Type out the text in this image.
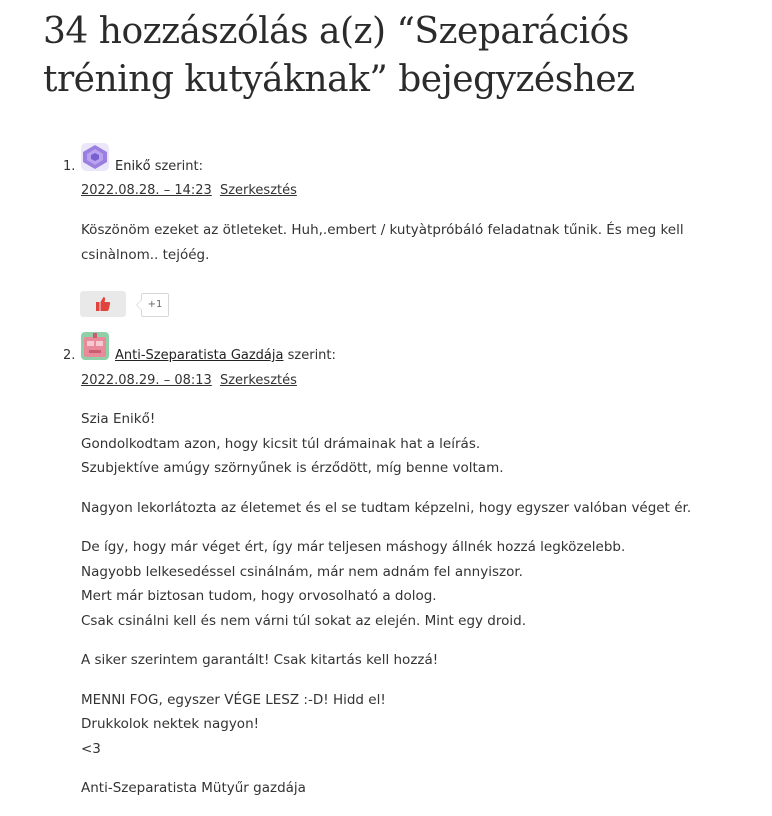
34 hozzászólás a(z) “Szeparációs tréning kutyáknak” bejegyzéshez
1.	Enikő szerint:
2022.08.28. – 14:23 Szerkesztés

Köszönöm ezeket az ötleteket. Huh,.embert / kutyàtpróbáló feladatnak tűnik. És meg kell csinàlnom.. tejóég.

+1
2.	Anti-Szeparatista Gazdája szerint:
2022.08.29. – 08:13 Szerkesztés

Szia Enikő!
Gondolkodtam azon, hogy kicsit túl drámainak hat a leírás.
Szubjektíve amúgy szörnyűnek is érződött, míg benne voltam.

Nagyon lekorlátozta az életemet és el se tudtam képzelni, hogy egyszer valóban véget ér.

De így, hogy már véget ért, így már teljesen máshogy állnék hozzá legközelebb.
Nagyobb lelkesedéssel csinálnám, már nem adnám fel annyiszor.
Mert már biztosan tudom, hogy orvosolható a dolog.
Csak csinálni kell és nem várni túl sokat az elején. Mint egy droid.

A siker szerintem garantált! Csak kitartás kell hozzá!

MENNI FOG, egyszer VÉGE LESZ :-D! Hidd el!
Drukkolok nektek nagyon!
<3

Anti-Szeparatista Mütyűr gazdája
